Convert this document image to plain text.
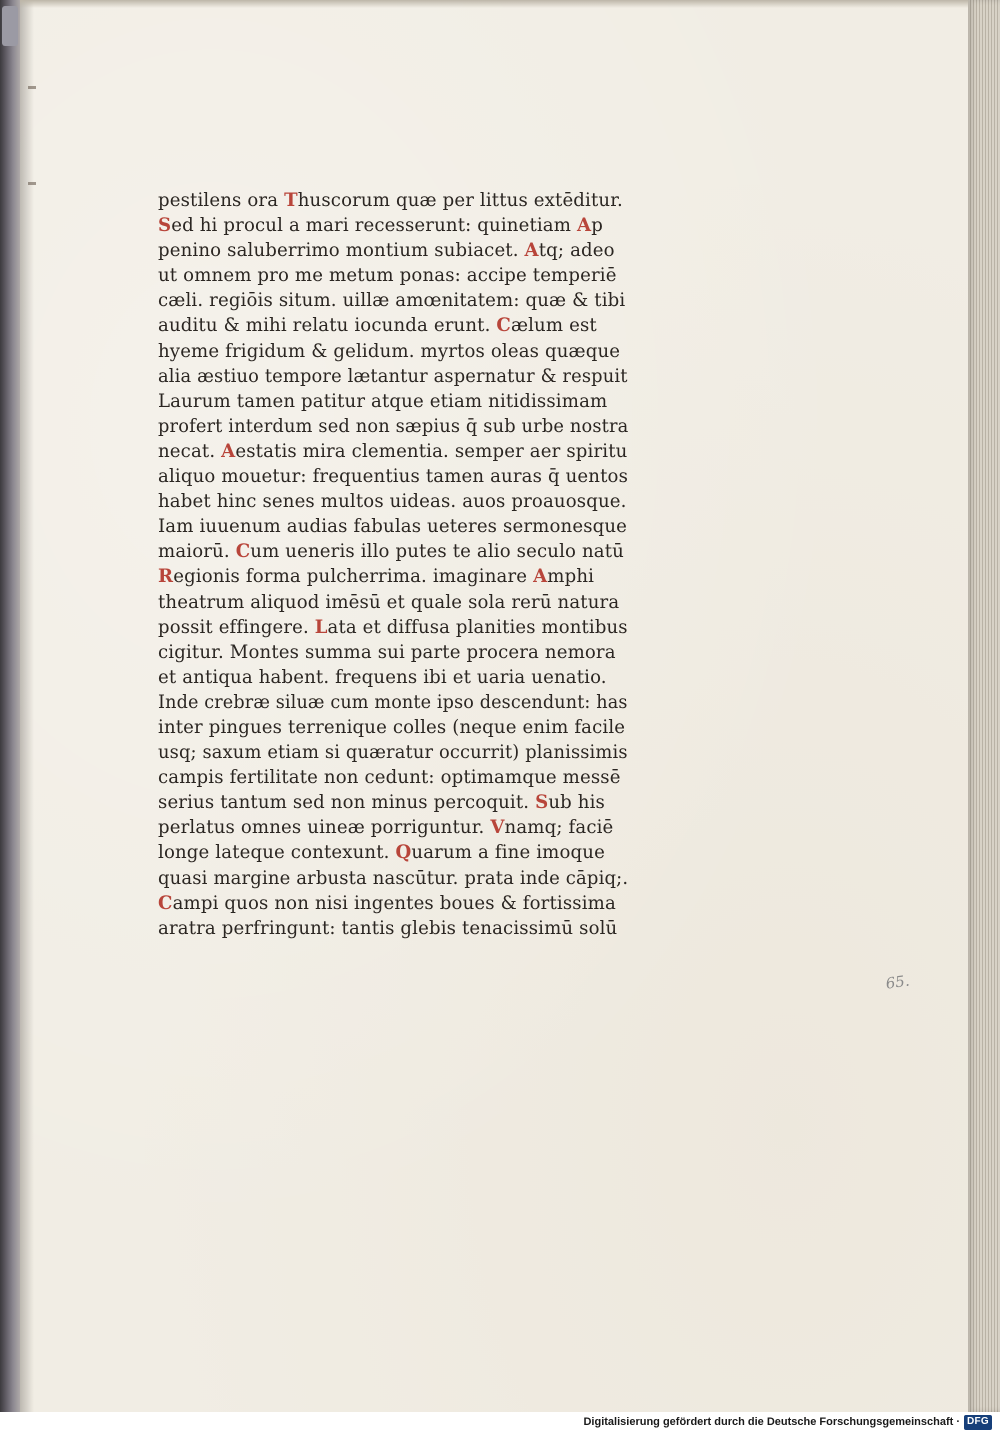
pestilens ora Thuscorum quæ per littus extēditur.
Sed hi procul a mari recesserunt: quinetiam Ap
penino saluberrimo montium subiacet. Atq; adeo
ut omnem pro me metum ponas: accipe temperiē
cæli. regiōis situm. uillæ amœnitatem: quæ & tibi
auditu & mihi relatu iocunda erunt. Cælum est
hyeme frigidum & gelidum. myrtos oleas quæque
alia æstiuo tempore lætantur aspernatur & respuit
Laurum tamen patitur atque etiam nitidissimam
profert interdum sed non sæpius q̄ sub urbe nostra
necat. Aestatis mira clementia. semper aer spiritu
aliquo mouetur: frequentius tamen auras q̄ uentos
habet hinc senes multos uideas. auos proauosque.
Iam iuuenum audias fabulas ueteres sermonesque
maiorū. Cum ueneris illo putes te alio seculo natū
Regionis forma pulcherrima. imaginare Amphi
theatrum aliquod imēsū et quale sola rerū natura
possit effingere. Lata et diffusa planities montibus
cigitur. Montes summa sui parte procera nemora
et antiqua habent. frequens ibi et uaria uenatio.
Inde crebræ siluæ cum monte ipso descendunt: has
inter pingues terrenique colles (neque enim facile
usq; saxum etiam si quæratur occurrit) planissimis
campis fertilitate non cedunt: optimamque messē
serius tantum sed non minus percoquit. Sub his
perlatus omnes uineæ porriguntur. Vnamq; faciē
longe lateque contexunt. Quarum a fine imoque
quasi margine arbusta nascūtur. prata inde cāpiq;.
Campi quos non nisi ingentes boues & fortissima
aratra perfringunt: tantis glebis tenacissimū solū
65.
Digitalisierung gefördert durch die Deutsche Forschungsgemeinschaft · DFG
